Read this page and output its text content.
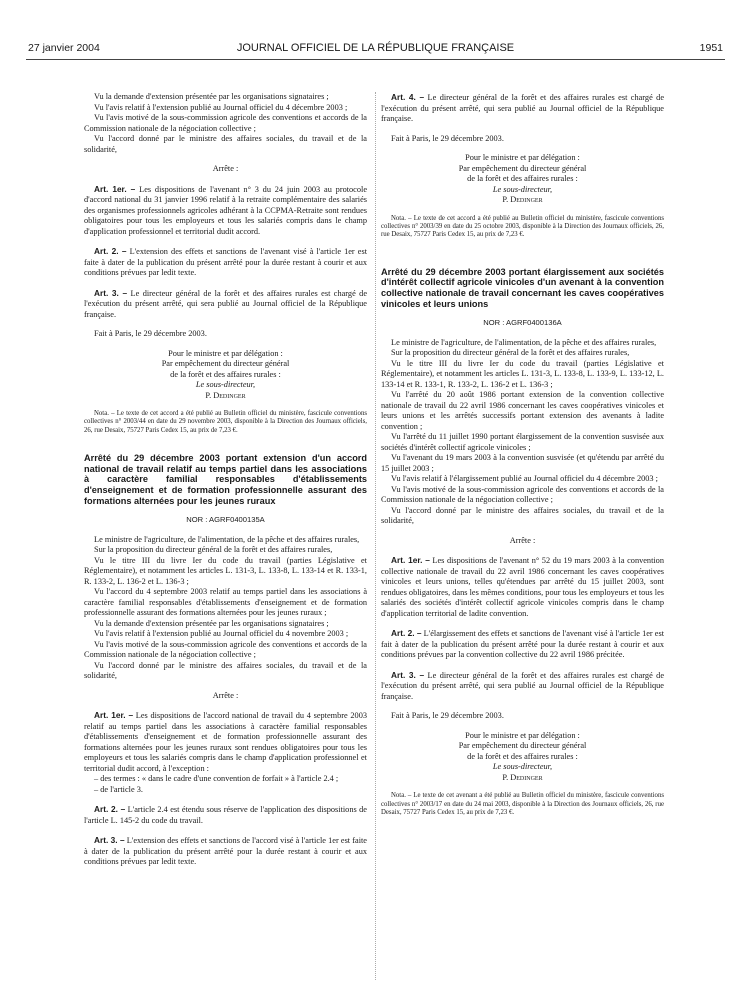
27 janvier 2004	JOURNAL OFFICIEL DE LA RÉPUBLIQUE FRANÇAISE	1951

Vu la demande d'extension présentée par les organisations signataires ;

Vu l'avis relatif à l'extension publié au Journal officiel du 4 décembre 2003 ;

Vu l'avis motivé de la sous-commission agricole des conventions et accords de la Commission nationale de la négociation collective ;

Vu l'accord donné par le ministre des affaires sociales, du travail et de la solidarité,

Arrête :

Art. 1er. – Les dispositions de l'avenant n° 3 du 24 juin 2003 au protocole d'accord national du 31 janvier 1996 relatif à la retraite complémentaire des salariés des organismes professionnels agricoles adhérant à la CCPMA-Retraite sont rendues obligatoires pour tous les employeurs et tous les salariés compris dans le champ d'application professionnel et territorial dudit accord.

Art. 2. – L'extension des effets et sanctions de l'avenant visé à l'article 1er est faite à dater de la publication du présent arrêté pour la durée restant à courir et aux conditions prévues par ledit texte.

Art. 3. – Le directeur général de la forêt et des affaires rurales est chargé de l'exécution du présent arrêté, qui sera publié au Journal officiel de la République française.

Fait à Paris, le 29 décembre 2003.

Pour le ministre et par délégation :

Par empêchement du directeur général

de la forêt et des affaires rurales :

Le sous-directeur,

P. Dedinger

Nota. – Le texte de cet accord a été publié au Bulletin officiel du ministère, fascicule conventions collectives n° 2003/44 en date du 29 novembre 2003, disponible à la Direction des Journaux officiels, 26, rue Desaix, 75727 Paris Cedex 15, au prix de 7,23 €.

Arrêté du 29 décembre 2003 portant extension d'un accord national de travail relatif au temps partiel dans les associations à caractère familial responsables d'établissements d'enseignement et de formation professionnelle assurant des formations alternées pour les jeunes ruraux

NOR : AGRF0400135A

Le ministre de l'agriculture, de l'alimentation, de la pêche et des affaires rurales,

Sur la proposition du directeur général de la forêt et des affaires rurales,

Vu le titre III du livre Ier du code du travail (parties Législative et Réglementaire), et notamment les articles L. 131-3, L. 133-8, L. 133-14 et R. 133-1, R. 133-2, L. 136-2 et L. 136-3 ;

Vu l'accord du 4 septembre 2003 relatif au temps partiel dans les associations à caractère familial responsables d'établissements d'enseignement et de formation professionnelle assurant des formations alternées pour les jeunes ruraux ;

Vu la demande d'extension présentée par les organisations signataires ;

Vu l'avis relatif à l'extension publié au Journal officiel du 4 novembre 2003 ;

Vu l'avis motivé de la sous-commission agricole des conventions et accords de la Commission nationale de la négociation collective ;

Vu l'accord donné par le ministre des affaires sociales, du travail et de la solidarité,

Arrête :

Art. 1er. – Les dispositions de l'accord national de travail du 4 septembre 2003 relatif au temps partiel dans les associations à caractère familial responsables d'établissements d'enseignement et de formation professionnelle assurant des formations alternées pour les jeunes ruraux sont rendues obligatoires pour tous les employeurs et tous les salariés compris dans le champ d'application professionnel et territorial dudit accord, à l'exception :

– des termes : « dans le cadre d'une convention de forfait » à l'article 2.4 ;

– de l'article 3.

Art. 2. – L'article 2.4 est étendu sous réserve de l'application des dispositions de l'article L. 145-2 du code du travail.

Art. 3. – L'extension des effets et sanctions de l'accord visé à l'article 1er est faite à dater de la publication du présent arrêté pour la durée restant à courir et aux conditions prévues par ledit texte.

Art. 4. – Le directeur général de la forêt et des affaires rurales est chargé de l'exécution du présent arrêté, qui sera publié au Journal officiel de la République française.

Fait à Paris, le 29 décembre 2003.

Pour le ministre et par délégation :

Par empêchement du directeur général

de la forêt et des affaires rurales :

Le sous-directeur,

P. Dedinger

Nota. – Le texte de cet accord a été publié au Bulletin officiel du ministère, fascicule conventions collectives n° 2003/39 en date du 25 octobre 2003, disponible à la Direction des Journaux officiels, 26, rue Desaix, 75727 Paris Cedex 15, au prix de 7,23 €.

Arrêté du 29 décembre 2003 portant élargissement aux sociétés d'intérêt collectif agricole vinicoles d'un avenant à la convention collective nationale de travail concernant les caves coopératives vinicoles et leurs unions

NOR : AGRF0400136A

Le ministre de l'agriculture, de l'alimentation, de la pêche et des affaires rurales,

Sur la proposition du directeur général de la forêt et des affaires rurales,

Vu le titre III du livre Ier du code du travail (parties Législative et Réglementaire), et notamment les articles L. 131-3, L. 133-8, L. 133-9, L. 133-12, L. 133-14 et R. 133-1, R. 133-2, L. 136-2 et L. 136-3 ;

Vu l'arrêté du 20 août 1986 portant extension de la convention collective nationale de travail du 22 avril 1986 concernant les caves coopératives vinicoles et leurs unions et les arrêtés successifs portant extension des avenants à ladite convention ;

Vu l'arrêté du 11 juillet 1990 portant élargissement de la convention susvisée aux sociétés d'intérêt collectif agricole vinicoles ;

Vu l'avenant du 19 mars 2003 à la convention susvisée (et qu'étendu par arrêté du 15 juillet 2003 ;

Vu l'avis relatif à l'élargissement publié au Journal officiel du 4 décembre 2003 ;

Vu l'avis motivé de la sous-commission agricole des conventions et accords de la Commission nationale de la négociation collective ;

Vu l'accord donné par le ministre des affaires sociales, du travail et de la solidarité,

Arrête :

Art. 1er. – Les dispositions de l'avenant n° 52 du 19 mars 2003 à la convention collective nationale de travail du 22 avril 1986 concernant les caves coopératives vinicoles et leurs unions, telles qu'étendues par arrêté du 15 juillet 2003, sont rendues obligatoires, dans les mêmes conditions, pour tous les employeurs et tous les salariés des sociétés d'intérêt collectif agricole vinicoles compris dans le champ d'application territorial de ladite convention.

Art. 2. – L'élargissement des effets et sanctions de l'avenant visé à l'article 1er est fait à dater de la publication du présent arrêté pour la durée restant à courir et aux conditions prévues par la convention collective du 22 avril 1986 précitée.

Art. 3. – Le directeur général de la forêt et des affaires rurales est chargé de l'exécution du présent arrêté, qui sera publié au Journal officiel de la République française.

Fait à Paris, le 29 décembre 2003.

Pour le ministre et par délégation :

Par empêchement du directeur général

de la forêt et des affaires rurales :

Le sous-directeur,

P. Dedinger

Nota. – Le texte de cet avenant a été publié au Bulletin officiel du ministère, fascicule conventions collectives n° 2003/17 en date du 24 mai 2003, disponible à la Direction des Journaux officiels, 26, rue Desaix, 75727 Paris Cedex 15, au prix de 7,23 €.
